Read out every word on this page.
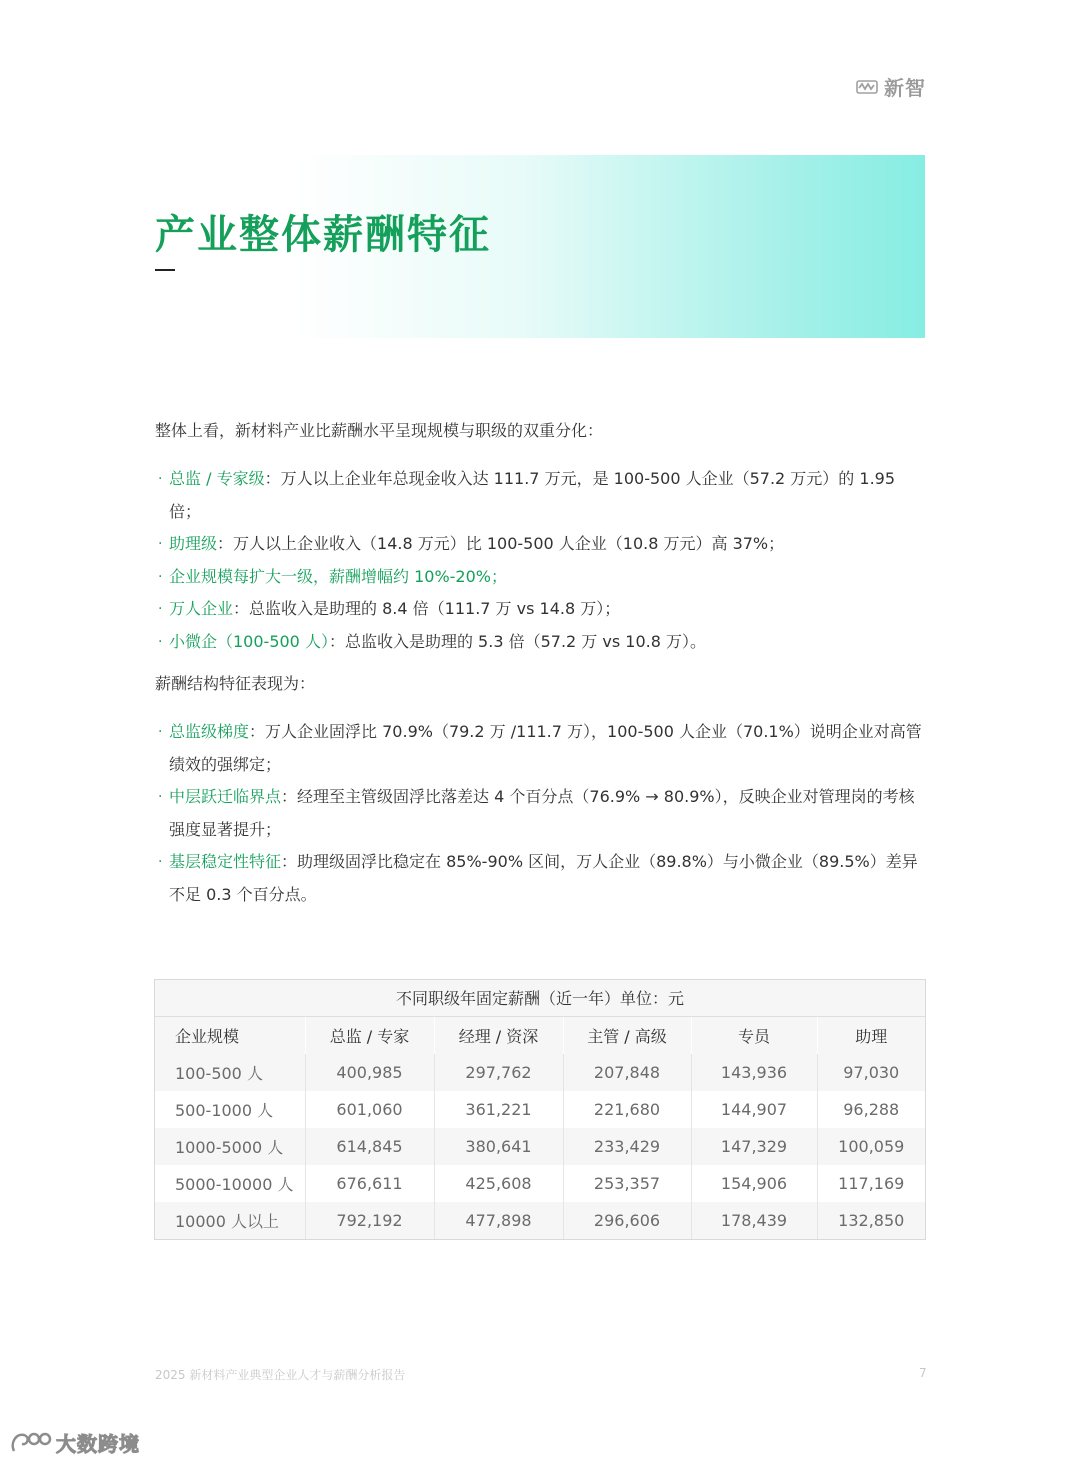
新智
产业整体薪酬特征

整体上看，新材料产业比薪酬水平呈现规模与职级的双重分化：

· 总监 / 专家级：万人以上企业年总现金收入达 111.7 万元，是 100-500 人企业（57.2 万元）的 1.95 倍；
· 助理级：万人以上企业收入（14.8 万元）比 100-500 人企业（10.8 万元）高 37%；
· 企业规模每扩大一级，薪酬增幅约 10%-20%；
· 万人企业：总监收入是助理的 8.4 倍（111.7 万 vs 14.8 万）；
· 小微企（100-500 人）：总监收入是助理的 5.3 倍（57.2 万 vs 10.8 万）。

薪酬结构特征表现为：

· 总监级梯度：万人企业固浮比 70.9%（79.2 万 /111.7 万），100-500 人企业（70.1%）说明企业对高管绩效的强绑定；
· 中层跃迁临界点：经理至主管级固浮比落差达 4 个百分点（76.9% → 80.9%），反映企业对管理岗的考核强度显著提升；
· 基层稳定性特征：助理级固浮比稳定在 85%-90% 区间，万人企业（89.8%）与小微企业（89.5%）差异不足 0.3 个百分点。
不同职级年固定薪酬（近一年）单位：元
企业规模	总监 / 专家	经理 / 资深	主管 / 高级	专员	助理
100-500 人	400,985	297,762	207,848	143,936	97,030
500-1000 人	601,060	361,221	221,680	144,907	96,288
1000-5000 人	614,845	380,641	233,429	147,329	100,059
5000-10000 人	676,611	425,608	253,357	154,906	117,169
10000 人以上	792,192	477,898	296,606	178,439	132,850
2025 新材料产业典型企业人才与薪酬分析报告	7
大数跨境
